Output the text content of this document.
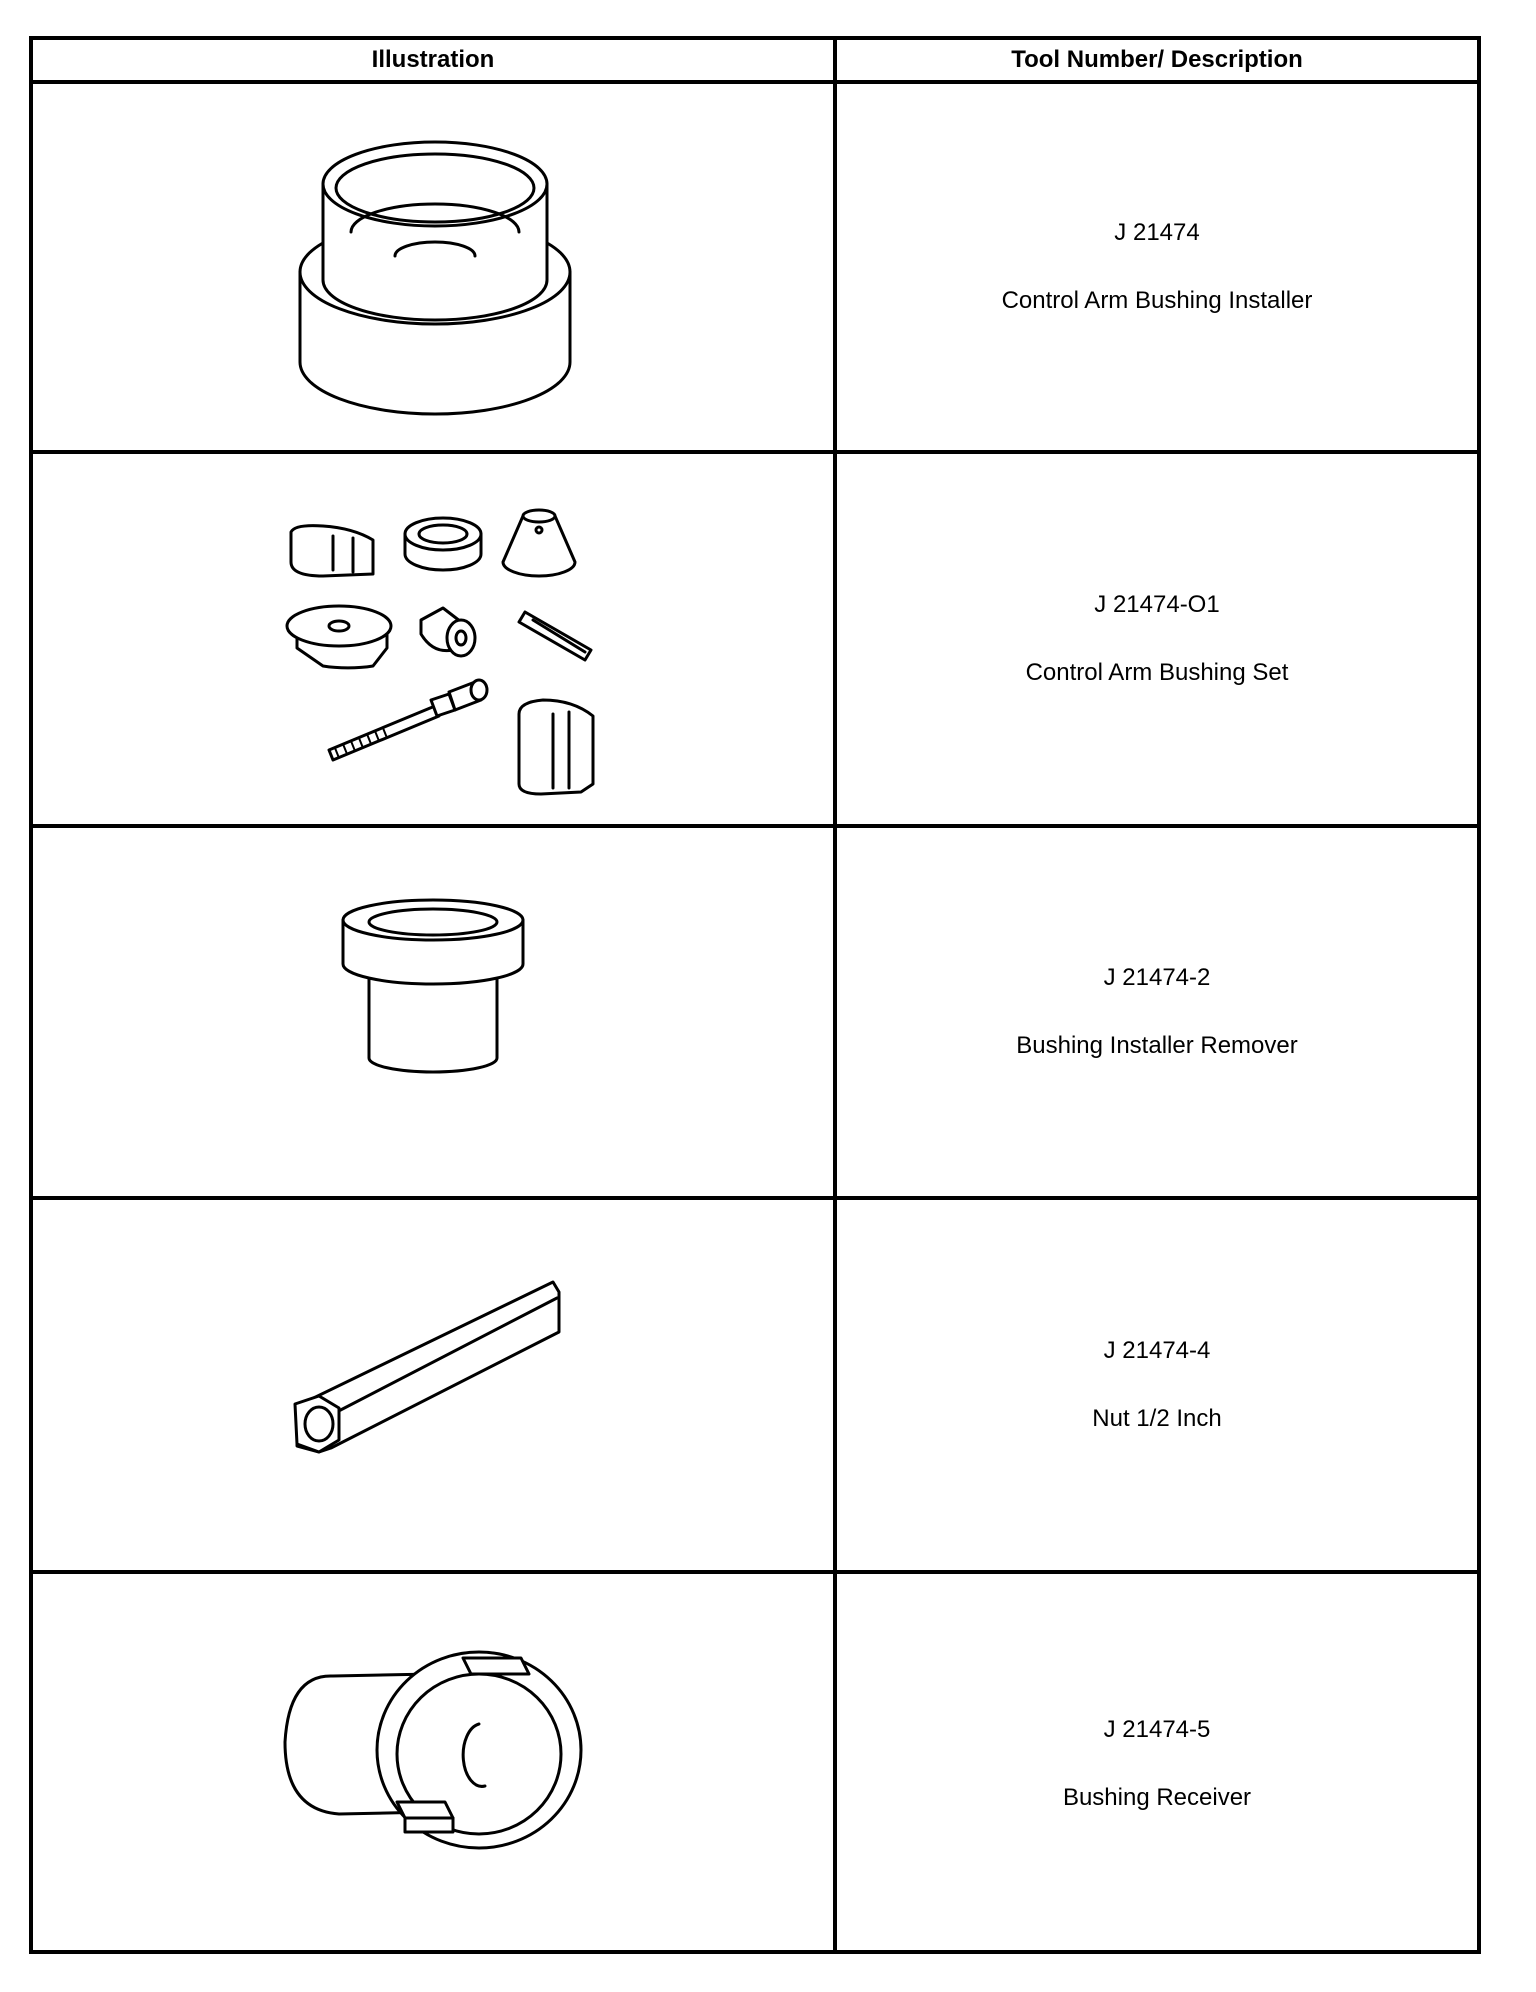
Illustration	Tool Number/ Description
J 21474
Control Arm Bushing Installer
J 21474-O1
Control Arm Bushing Set
J 21474-2
Bushing Installer Remover
J 21474-4
Nut 1/2 Inch
J 21474-5
Bushing Receiver
